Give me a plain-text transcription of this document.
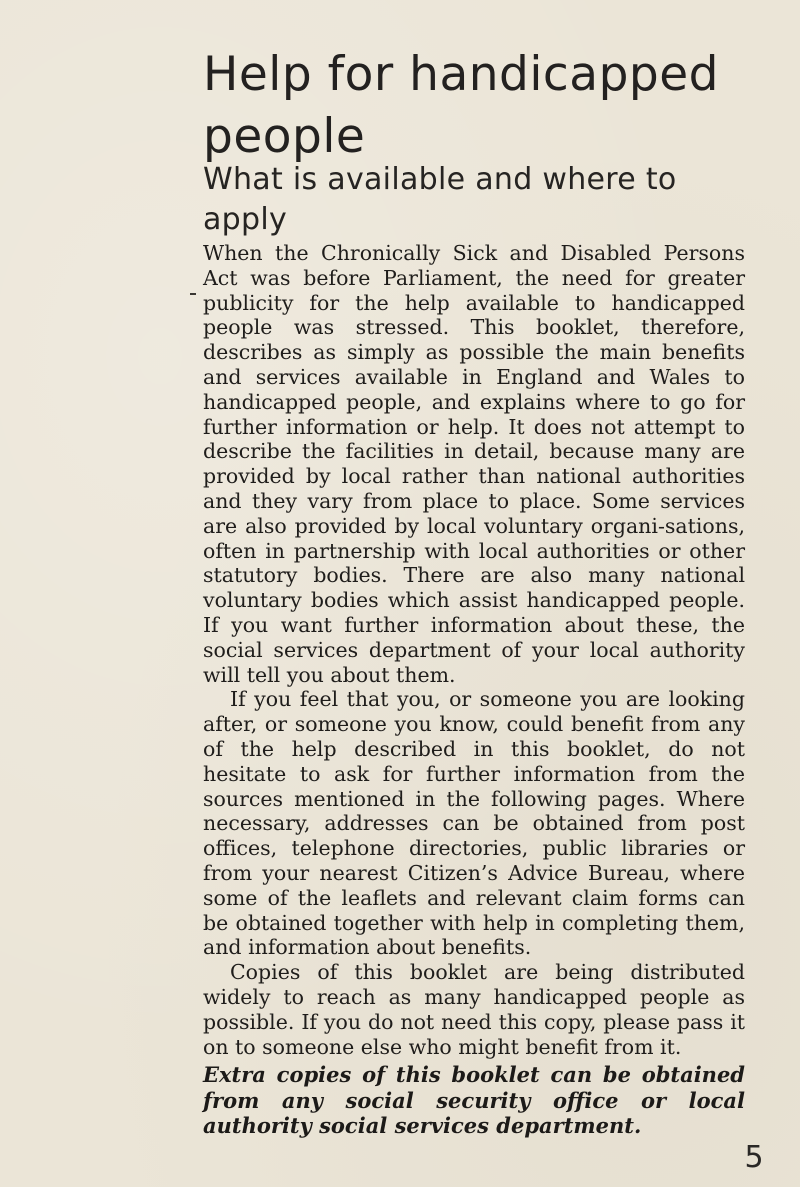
Help for handicapped people
What is available and where to apply

When the Chronically Sick and Disabled Persons Act was before Parliament, the need for greater publicity for the help available to handicapped people was stressed. This booklet, therefore, describes as simply as possible the main benefits and services available in England and Wales to handicapped people, and explains where to go for further information or help. It does not attempt to describe the facilities in detail, because many are provided by local rather than national authorities and they vary from place to place. Some services are also provided by local voluntary organi-sations, often in partnership with local authorities or other statutory bodies. There are also many national voluntary bodies which assist handicapped people. If you want further information about these, the social services department of your local authority will tell you about them.

If you feel that you, or someone you are looking after, or someone you know, could benefit from any of the help described in this booklet, do not hesitate to ask for further information from the sources mentioned in the following pages. Where necessary, addresses can be obtained from post offices, telephone directories, public libraries or from your nearest Citizen’s Advice Bureau, where some of the leaflets and relevant claim forms can be obtained together with help in completing them, and information about benefits.

Copies of this booklet are being distributed widely to reach as many handicapped people as possible. If you do not need this copy, please pass it on to someone else who might benefit from it.

Extra copies of this booklet can be obtained from any social security office or local authority social services department.

5
